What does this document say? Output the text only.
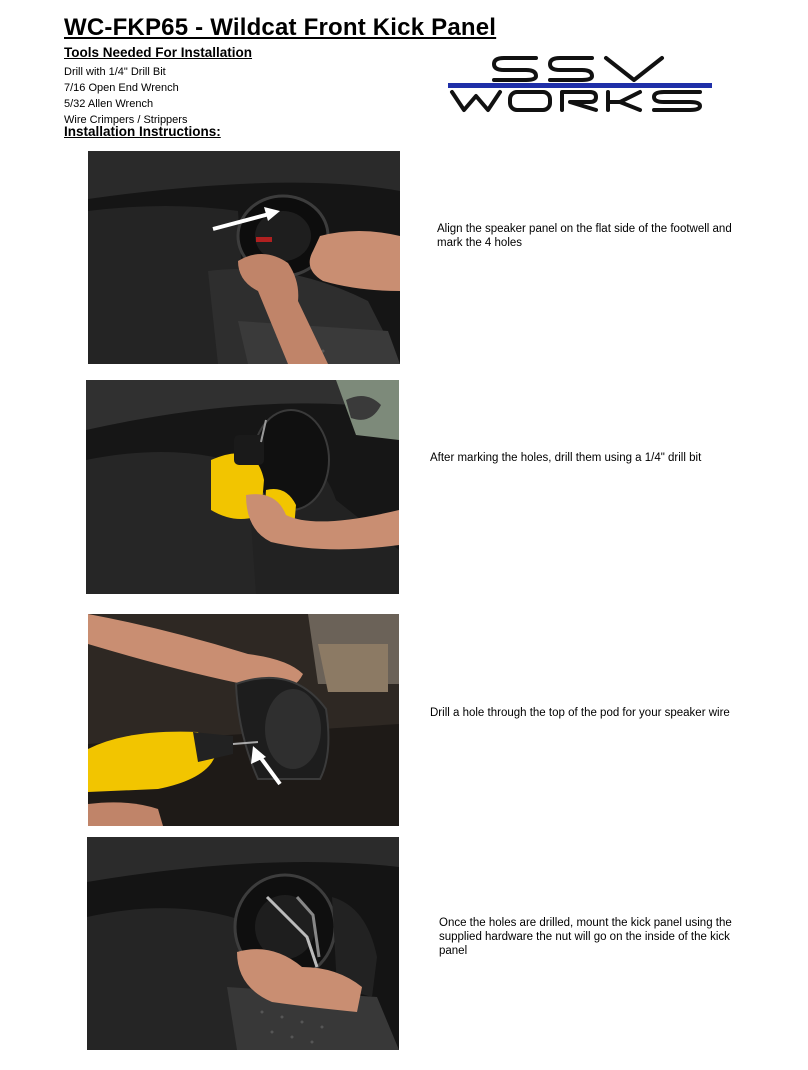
WC-FKP65 - Wildcat Front Kick Panel
Tools Needed For Installation
Drill with 1/4" Drill Bit
7/16 Open End Wrench
5/32 Allen Wrench
Wire Crimpers / Strippers
Installation Instructions:
Align the speaker panel on the flat side of the footwell and mark the 4 holes
After marking the holes, drill them using a 1/4" drill bit
Drill a hole through the top of the pod for your speaker wire
Once the holes are drilled, mount the kick panel using the supplied hardware the nut will go on the inside of the kick panel
